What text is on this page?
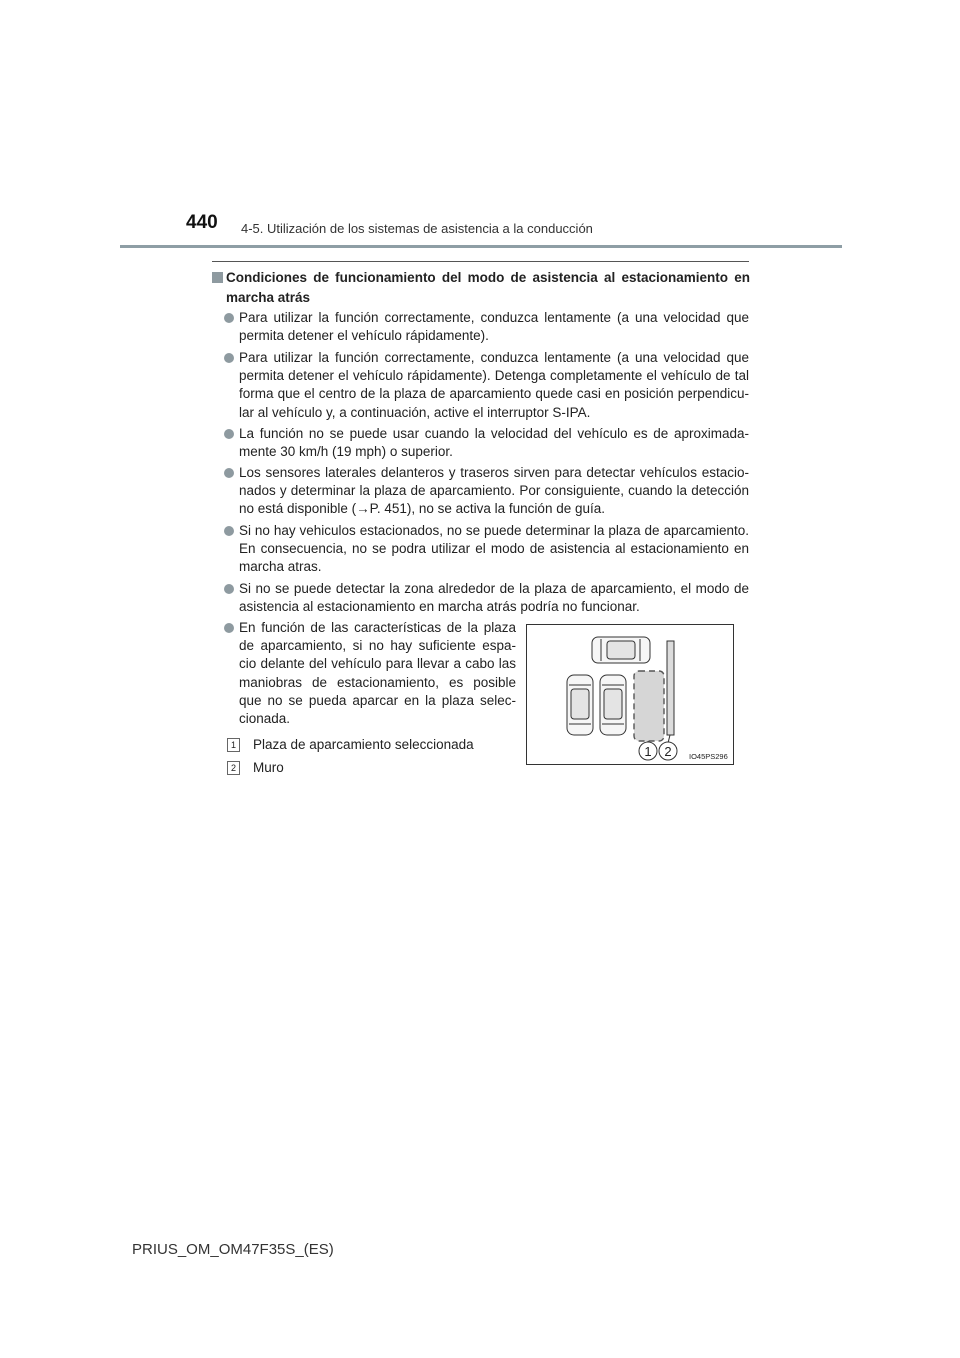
440 4-5. Utilización de los sistemas de asistencia a la conducción
Condiciones de funcionamiento del modo de asistencia al estacionamiento en marcha atrás
Para utilizar la función correctamente, conduzca lentamente (a una velocidad que permita detener el vehículo rápidamente).
Para utilizar la función correctamente, conduzca lentamente (a una velocidad que permita detener el vehículo rápidamente). Detenga completamente el vehículo de tal forma que el centro de la plaza de aparcamiento quede casi en posición perpendicu-lar al vehículo y, a continuación, active el interruptor S-IPA.
La función no se puede usar cuando la velocidad del vehículo es de aproximada-mente 30 km/h (19 mph) o superior.
Los sensores laterales delanteros y traseros sirven para detectar vehículos estacio-nados y determinar la plaza de aparcamiento. Por consiguiente, cuando la detección no está disponible (→P. 451), no se activa la función de guía.
Si no hay vehiculos estacionados, no se puede determinar la plaza de aparcamiento. En consecuencia, no se podra utilizar el modo de asistencia al estacionamiento en marcha atras.
Si no se puede detectar la zona alrededor de la plaza de aparcamiento, el modo de asistencia al estacionamiento en marcha atrás podría no funcionar.
En función de las características de la plaza de aparcamiento, si no hay suficiente espa-cio delante del vehículo para llevar a cabo las maniobras de estacionamiento, es posible que no se pueda aparcar en la plaza selec-cionada.
1 Plaza de aparcamiento seleccionada
2 Muro
1 2 IO45PS296
PRIUS_OM_OM47F35S_(ES)
